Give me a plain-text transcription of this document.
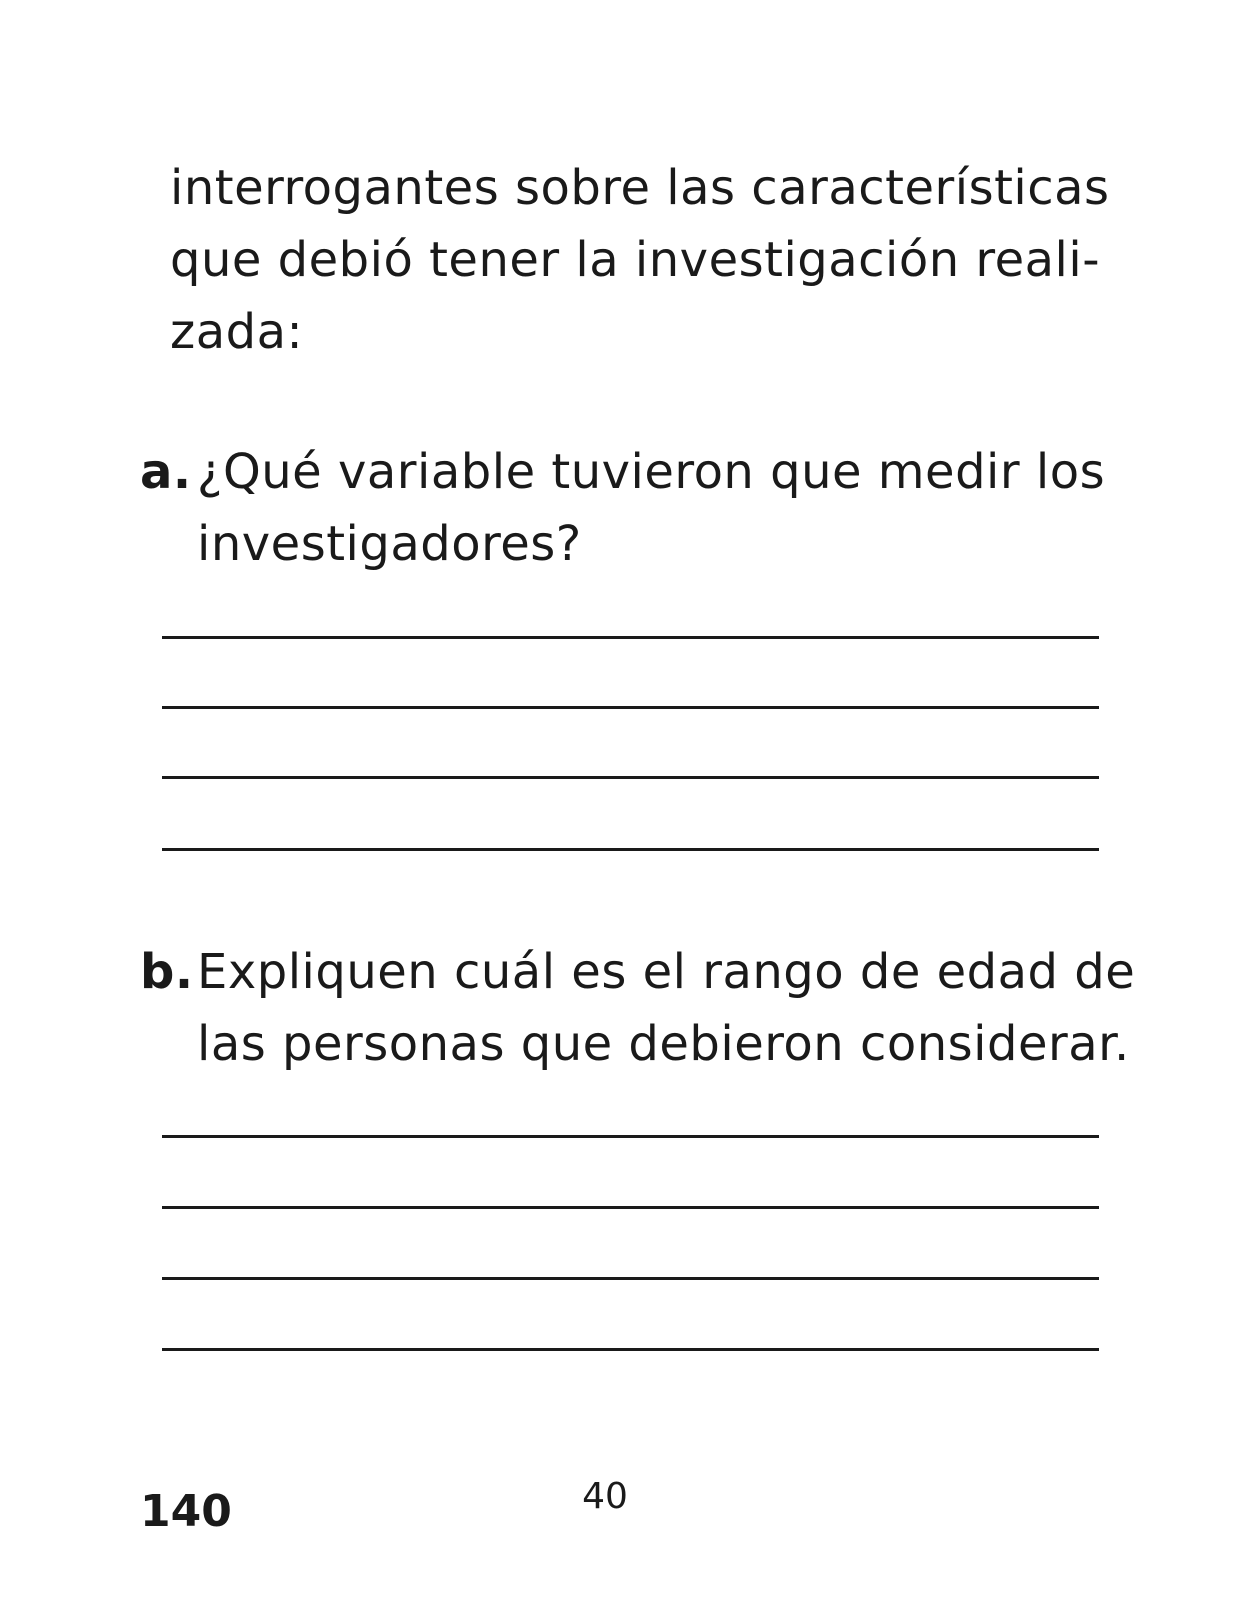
interrogantes sobre las características
que debió tener la investigación reali-
zada:
a. ¿Qué variable tuvieron que medir los
investigadores?
b. Expliquen cuál es el rango de edad de
las personas que debieron considerar.
140	40
